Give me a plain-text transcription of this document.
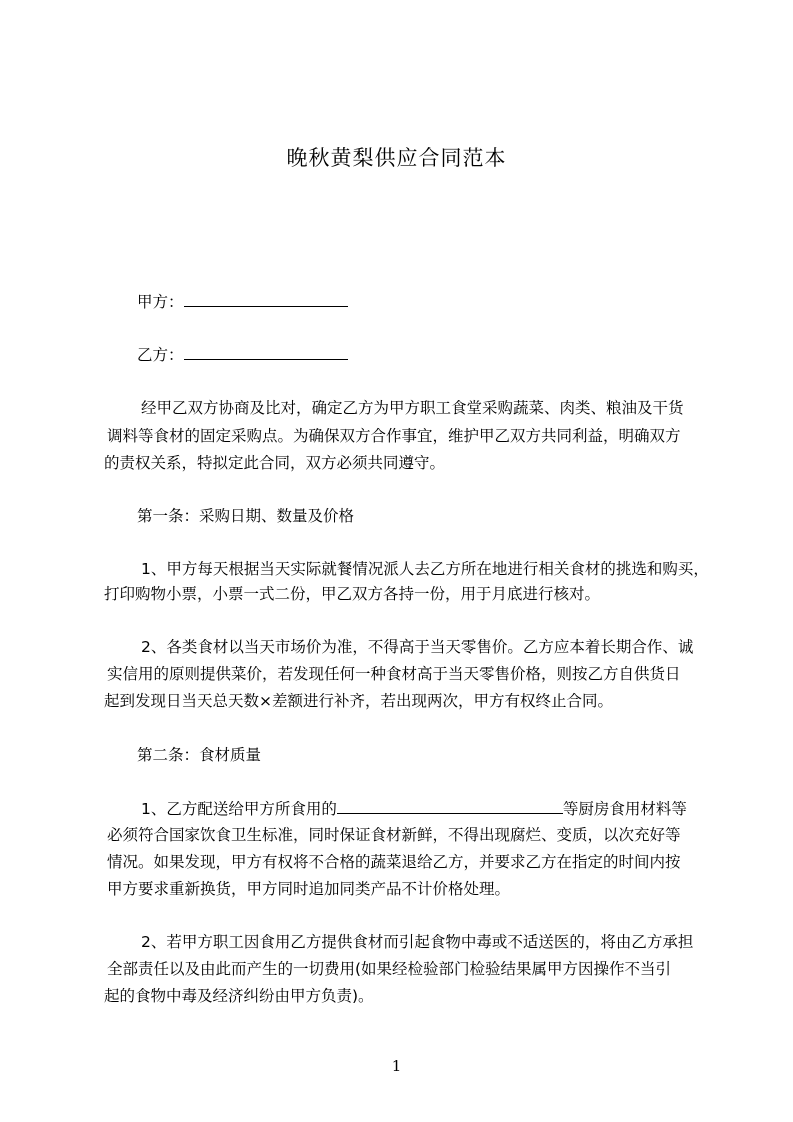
晚秋黄梨供应合同范本
甲方：
乙方：
经甲乙双方协商及比对，确定乙方为甲方职工食堂采购蔬菜、肉类、粮油及干货
调料等食材的固定采购点。为确保双方合作事宜，维护甲乙双方共同利益，明确双方
的责权关系，特拟定此合同，双方必须共同遵守。
第一条：采购日期、数量及价格
1、甲方每天根据当天实际就餐情况派人去乙方所在地进行相关食材的挑选和购买，
打印购物小票，小票一式二份，甲乙双方各持一份，用于月底进行核对。
2、各类食材以当天市场价为准，不得高于当天零售价。乙方应本着长期合作、诚
实信用的原则提供菜价，若发现任何一种食材高于当天零售价格，则按乙方自供货日
起到发现日当天总天数×差额进行补齐，若出现两次，甲方有权终止合同。
第二条：食材质量
1、乙方配送给甲方所食用的	等厨房食用材料等
必须符合国家饮食卫生标准，同时保证食材新鲜，不得出现腐烂、变质，以次充好等
情况。如果发现，甲方有权将不合格的蔬菜退给乙方，并要求乙方在指定的时间内按
甲方要求重新换货，甲方同时追加同类产品不计价格处理。
2、若甲方职工因食用乙方提供食材而引起食物中毒或不适送医的，将由乙方承担
全部责任以及由此而产生的一切费用(如果经检验部门检验结果属甲方因操作不当引
起的食物中毒及经济纠纷由甲方负责)。
1
